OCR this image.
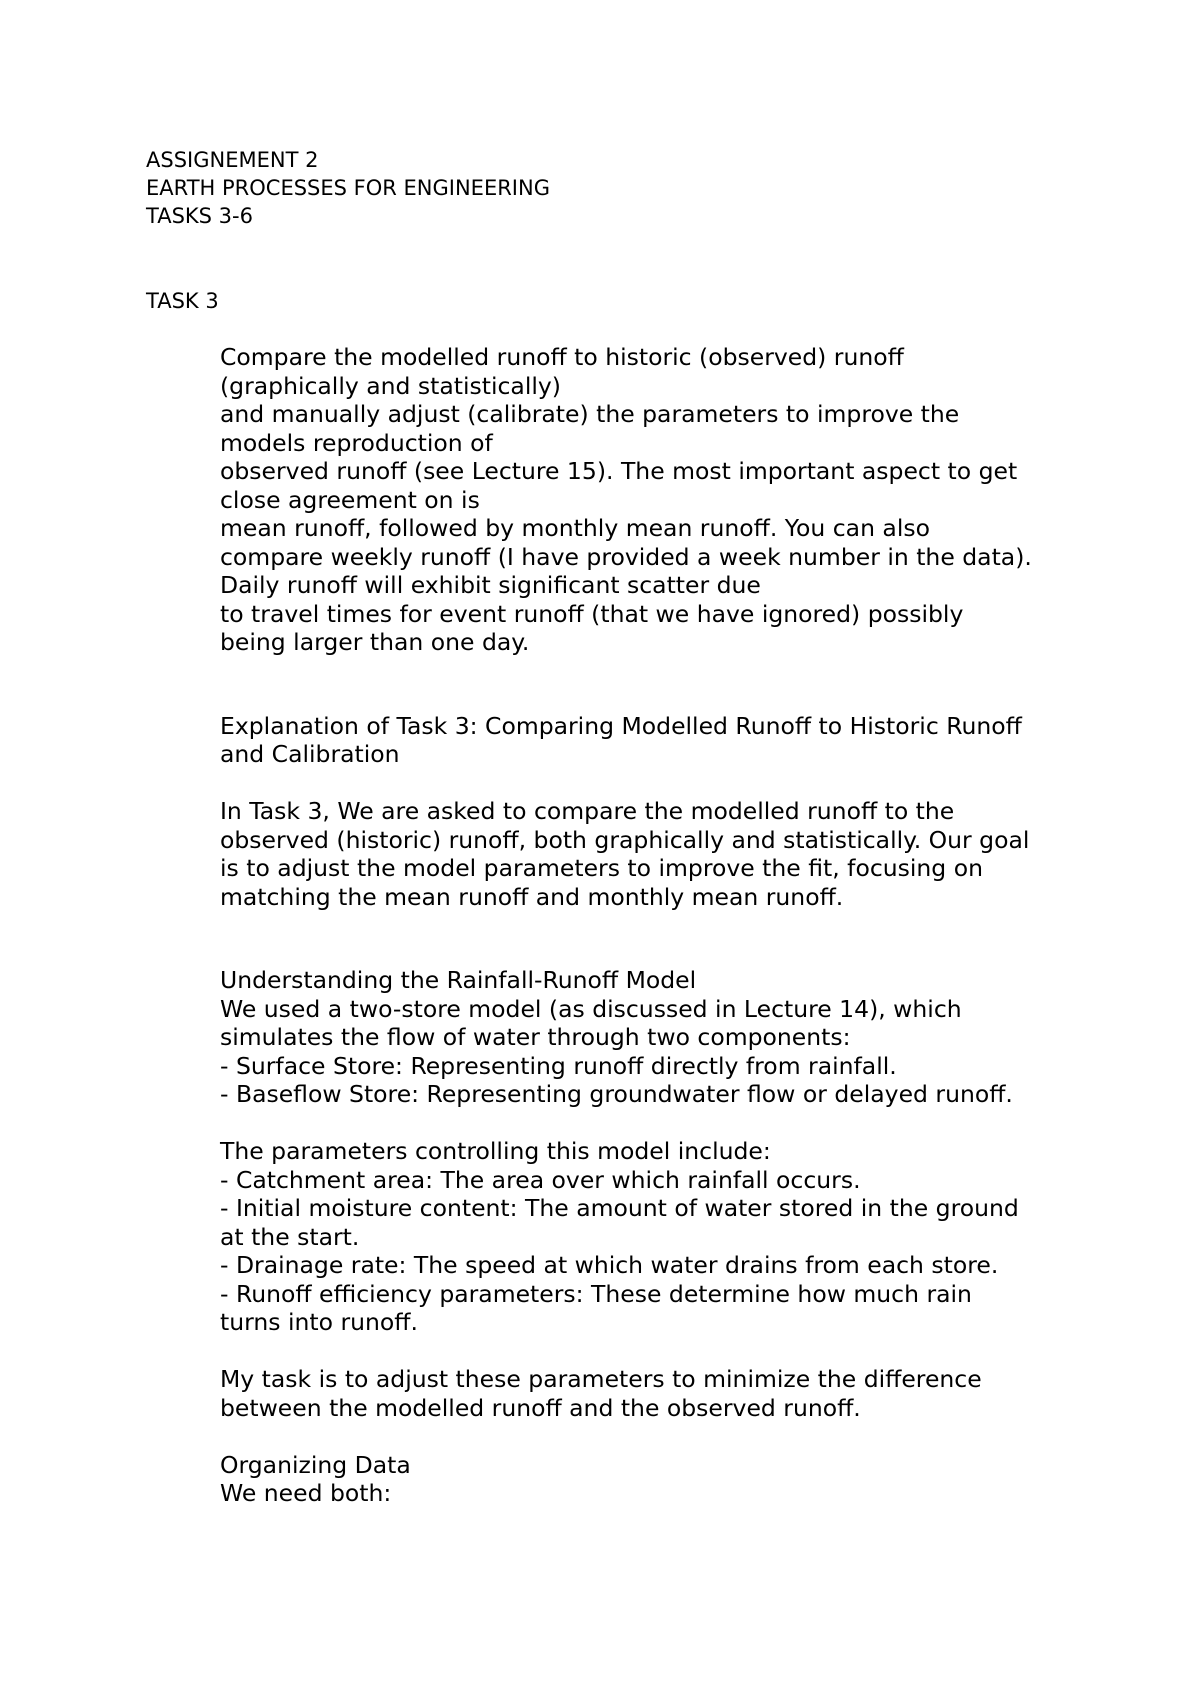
ASSIGNEMENT 2
EARTH PROCESSES FOR ENGINEERING
TASKS 3-6
TASK 3

Compare the modelled runoff to historic (observed) runoff
(graphically and statistically)
and manually adjust (calibrate) the parameters to improve the
models reproduction of
observed runoff (see Lecture 15). The most important aspect to get
close agreement on is
mean runoff, followed by monthly mean runoff. You can also
compare weekly runoff (I have provided a week number in the data).
Daily runoff will exhibit significant scatter due
to travel times for event runoff (that we have ignored) possibly
being larger than one day.

Explanation of Task 3: Comparing Modelled Runoff to Historic Runoff
and Calibration

In Task 3, We are asked to compare the modelled runoff to the
observed (historic) runoff, both graphically and statistically. Our goal
is to adjust the model parameters to improve the fit, focusing on
matching the mean runoff and monthly mean runoff.

Understanding the Rainfall-Runoff Model
We used a two-store model (as discussed in Lecture 14), which
simulates the flow of water through two components:
- Surface Store: Representing runoff directly from rainfall.
- Baseflow Store: Representing groundwater flow or delayed runoff.

The parameters controlling this model include:
- Catchment area: The area over which rainfall occurs.
- Initial moisture content: The amount of water stored in the ground
at the start.
- Drainage rate: The speed at which water drains from each store.
- Runoff efficiency parameters: These determine how much rain
turns into runoff.

My task is to adjust these parameters to minimize the difference
between the modelled runoff and the observed runoff.

Organizing Data
We need both:
